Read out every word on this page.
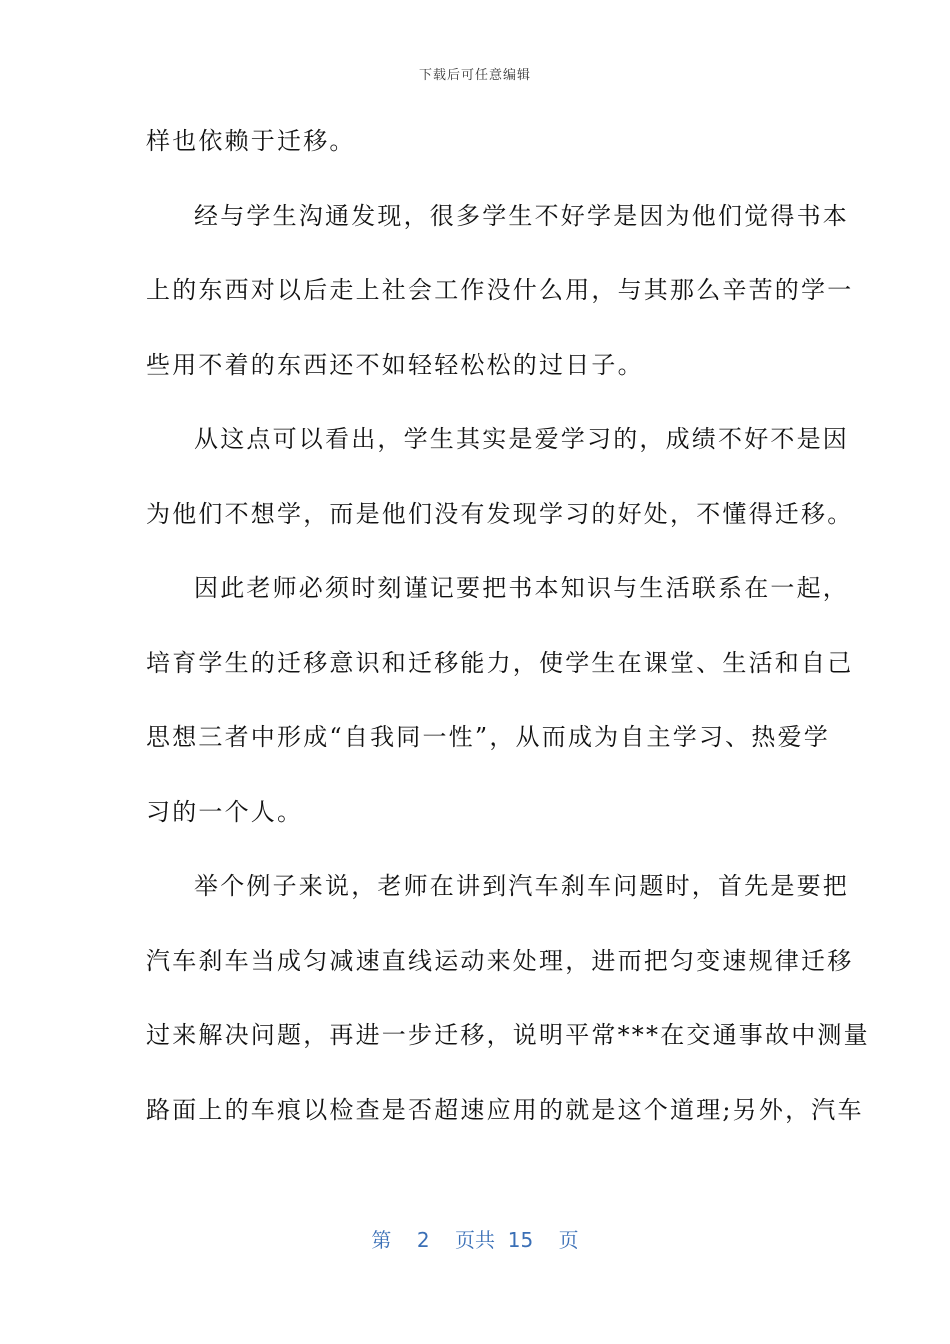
下载后可任意编辑
样也依赖于迁移。
经与学生沟通发现，很多学生不好学是因为他们觉得书本
上的东西对以后走上社会工作没什么用，与其那么辛苦的学一
些用不着的东西还不如轻轻松松的过日子。
从这点可以看出，学生其实是爱学习的，成绩不好不是因
为他们不想学，而是他们没有发现学习的好处，不懂得迁移。
因此老师必须时刻谨记要把书本知识与生活联系在一起，
培育学生的迁移意识和迁移能力，使学生在课堂、生活和自己
思想三者中形成“自我同一性”，从而成为自主学习、热爱学
习的一个人。
举个例子来说，老师在讲到汽车刹车问题时，首先是要把
汽车刹车当成匀减速直线运动来处理，进而把匀变速规律迁移
过来解决问题，再进一步迁移，说明平常***在交通事故中测量
路面上的车痕以检查是否超速应用的就是这个道理;另外，汽车
第 2 页共 15 页
